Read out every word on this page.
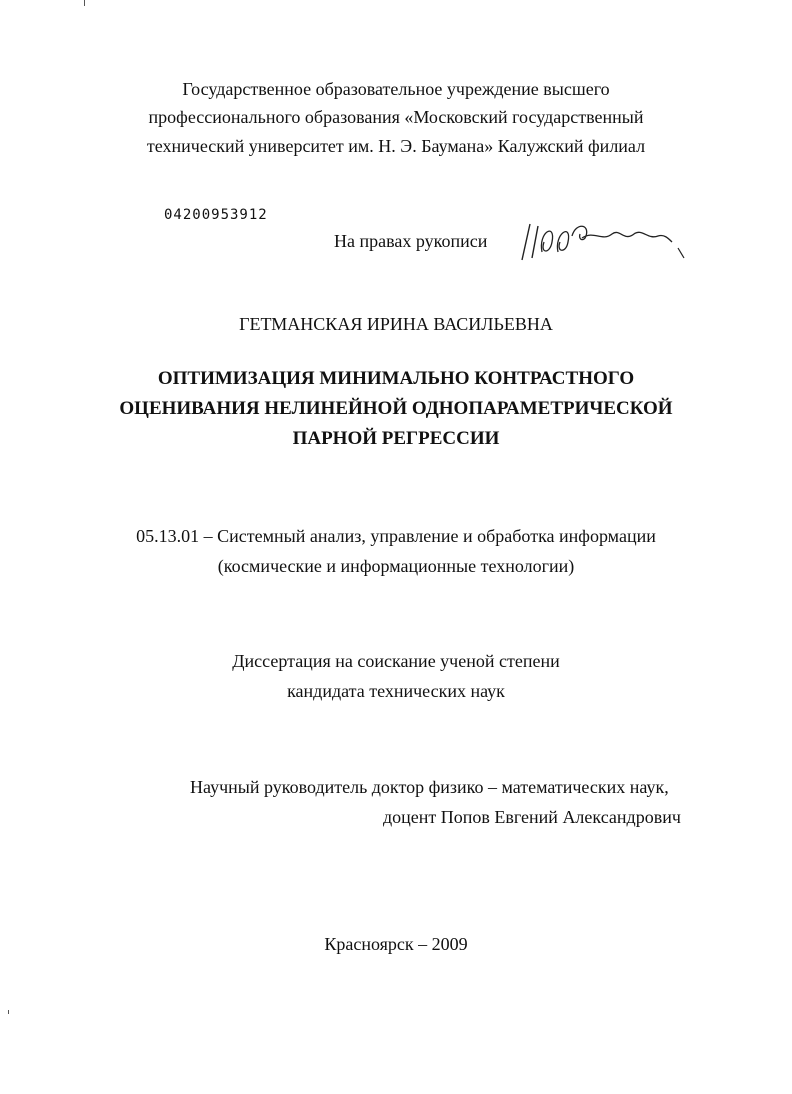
Государственное образовательное учреждение высшего
профессионального образования «Московский государственный
технический университет им. Н. Э. Баумана» Калужский филиал
04200953912
На правах рукописи
ГЕТМАНСКАЯ ИРИНА ВАСИЛЬЕВНА
ОПТИМИЗАЦИЯ МИНИМАЛЬНО КОНТРАСТНОГО
ОЦЕНИВАНИЯ НЕЛИНЕЙНОЙ ОДНОПАРАМЕТРИЧЕСКОЙ
ПАРНОЙ РЕГРЕССИИ
05.13.01 – Системный анализ, управление и обработка информации
(космические и информационные технологии)
Диссертация на соискание ученой степени
кандидата технических наук
Научный руководитель доктор физико – математических наук,
доцент Попов Евгений Александрович
Красноярск – 2009
